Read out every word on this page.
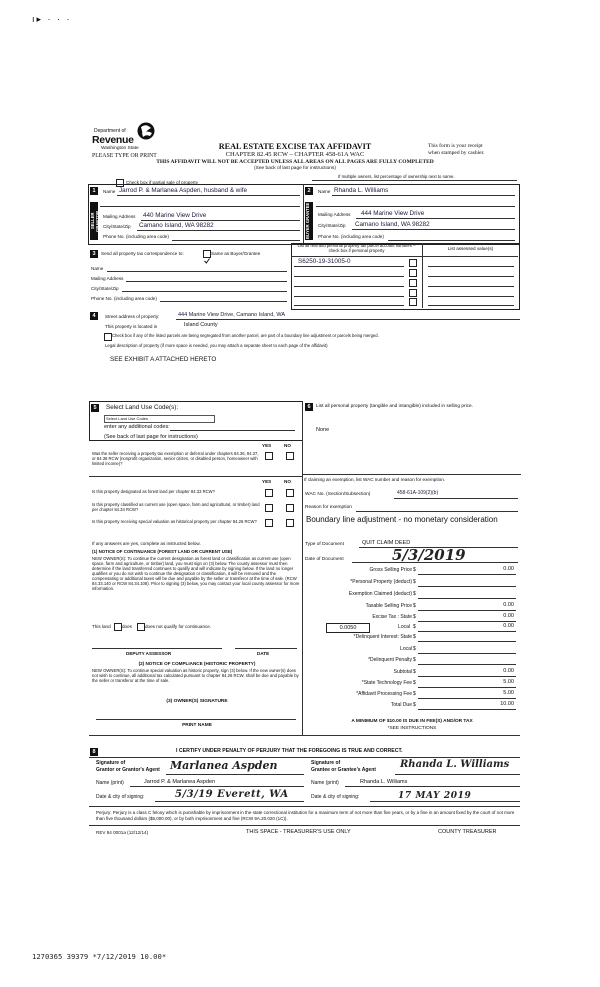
ı▸ · · ·
Department of
Revenue
Washington State	REAL ESTATE EXCISE TAX AFFIDAVIT
CHAPTER 82.45 RCW – CHAPTER 458-61A WAC
THIS AFFIDAVIT WILL NOT BE ACCEPTED UNLESS ALL AREAS ON ALL PAGES ARE FULLY COMPLETED
(See back of last page for instructions)
PLEASE TYPE OR PRINT
This form is your receipt
when stamped by cashier.
Check box if partial sale of property
If multiple owners, list percentage of ownership next to name.
1
SELLER GRANTOR
2
BUYER GRANTEE
Name Jarrod P. & Marlanea Aspden, husband & wife
Mailing Address 440 Marine View Drive
City/State/Zip Camano Island, WA 98282
Phone No. (including area code)
Name Rhanda L. Williams
Mailing Address 444 Marine View Drive
City/State/Zip Camano Island, WA 98282
Phone No. (including area code)
3	Send all property tax correspondence to:	Same as Buyer/Grantee
Name
Mailing Address
City/State/Zip
Phone No. (including area code)
List all real and personal property tax parcel account numbers – check box if personal property	List assessed value(s)
S6250-19-31005-0
4	Street address of property:	444 Marine View Drive, Camano Island, WA
This property is located in	Island County
Check box if any of the listed parcels are being segregated from another parcel, are part of a boundary line adjustment or parcels being merged.
Legal description of property (if more space is needed, you may attach a separate sheet to each page of the affidavit)
SEE EXHIBIT A ATTACHED HERETO
5	Select Land Use Code(s):
Select Land Use Codes
enter any additional codes:
(See back of last page for instructions)
YES	NO
Was the seller receiving a property tax exemption or deferral under chapters 84.36, 84.37, or 84.38 RCW (nonprofit organization, senior citizen, or disabled person, homeowner with limited income)?
YES	NO
Is this property designated as forest land per chapter 84.33 RCW?
Is this property classified as current use (open space, farm and agricultural, or timber) land per chapter 84.34 RCW?
Is this property receiving special valuation as historical property per chapter 84.26 RCW?
If any answers are yes, complete as instructed below.
(1) NOTICE OF CONTINUANCE (FOREST LAND OR CURRENT USE)
NEW OWNER(S): To continue the current designation as forest land or classification as current use (open space, farm and agriculture, or timber) land, you must sign on (3) below. The county assessor must then determine if the land transferred continues to qualify and will indicate by signing below. If the land no longer qualifies or you do not wish to continue the designation or classification, it will be removed and the compensating or additional taxes will be due and payable by the seller or transferor at the time of sale. (RCW 84.33.140 or RCW 84.34.108). Prior to signing (3) below, you may contact your local county assessor for more information.
This land does	does not qualify for continuance.
DEPUTY ASSESSOR	DATE
(2) NOTICE OF COMPLIANCE (HISTORIC PROPERTY)
NEW OWNER(S): To continue special valuation as historic property, sign (3) below. If the new owner(s) does not wish to continue, all additional tax calculated pursuant to chapter 84.26 RCW, shall be due and payable by the seller or transferor at the time of sale.
(3) OWNER(S) SIGNATURE
PRINT NAME
6	List all personal property (tangible and intangible) included in selling price.
None
If claiming an exemption, list WAC number and reason for exemption.
WAC No. (Section/Subsection)	458-61A-109(2)(b)
Reason for exemption
Boundary line adjustment - no monetary consideration
Type of Document	QUIT CLAIM DEED
Date of Document	5/3/2019
Gross Selling Price $	0.00
*Personal Property (deduct) $
Exemption Claimed (deduct) $
Taxable Selling Price $	0.00
Excise Tax : State $	0.00
0.0050	Local $	0.00
*Delinquent Interest: State $
Local $
*Delinquent Penalty $
Subtotal $	0.00
*State Technology Fee $	5.00
*Affidavit Processing Fee $	5.00
Total Due $	10.00
A MINIMUM OF $10.00 IS DUE IN FEE(S) AND/OR TAX
*SEE INSTRUCTIONS
8	I CERTIFY UNDER PENALTY OF PERJURY THAT THE FOREGOING IS TRUE AND CORRECT.
Signature of
Grantor or Grantor's Agent Marlanea Aspden	Signature of
Grantee or Grantee's Agent Rhanda L. Williams
Name (print)	Jarrod P. & Marlanea Aspden	Name (print)	Rhanda L. Williams
Date & city of signing:	5/3/19 Everett, WA	Date & city of signing:	17 MAY 2019
Perjury: Perjury is a class C felony which is punishable by imprisonment in the state correctional institution for a maximum term of not more than five years, or by a fine in an amount fixed by the court of not more than five thousand dollars ($5,000.00), or by both imprisonment and fine (RCW 9A.20.020 (1C)).
REV 84 0001a (12/12/14)	THIS SPACE - TREASURER'S USE ONLY	COUNTY TREASURER
1270365 39379 *7/12/2019 10.00*
